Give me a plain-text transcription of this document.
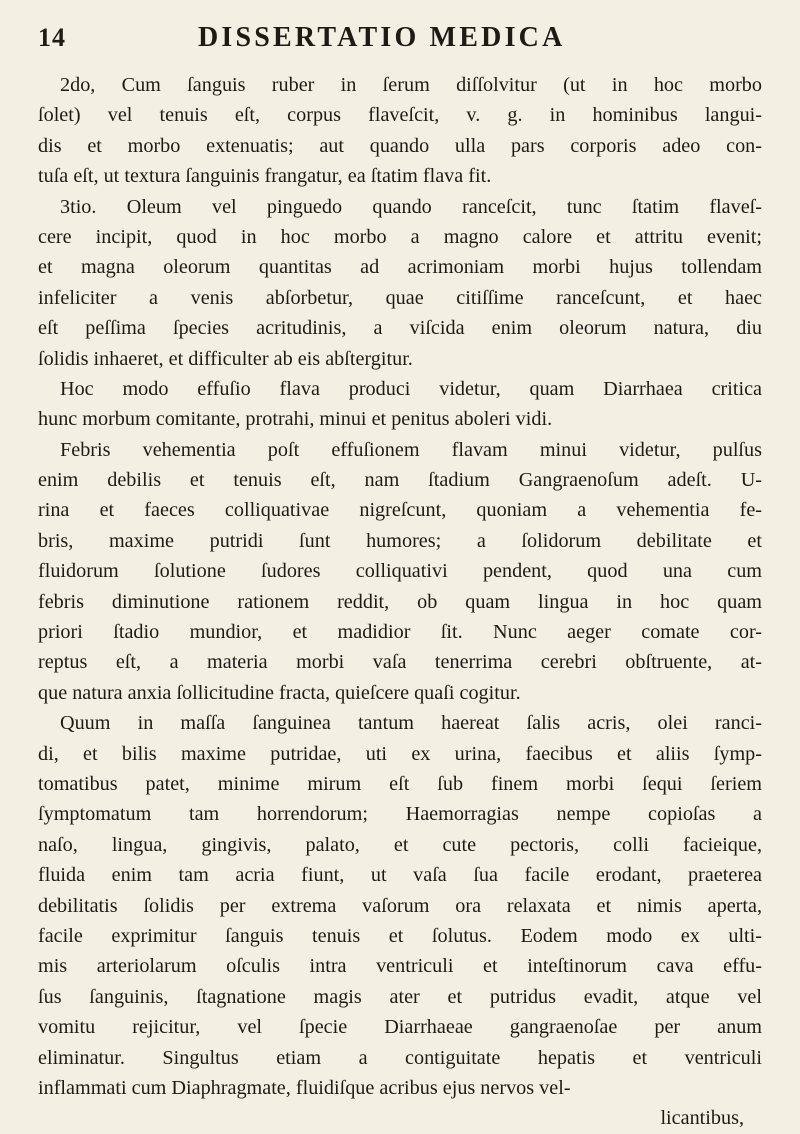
14	DISSERTATIO MEDICA
2do, Cum ſanguis ruber in ſerum diſſolvitur (ut in hoc morbo
ſolet) vel tenuis eſt, corpus flaveſcit, v. g. in hominibus langui-
dis et morbo extenuatis; aut quando ulla pars corporis adeo con-
tuſa eſt, ut textura ſanguinis frangatur, ea ſtatim flava fit.
3tio. Oleum vel pinguedo quando ranceſcit, tunc ſtatim flaveſ-
cere incipit, quod in hoc morbo a magno calore et attritu evenit;
et magna oleorum quantitas ad acrimoniam morbi hujus tollendam
infeliciter a venis abſorbetur, quae citiſſime ranceſcunt, et haec
eſt peſſima ſpecies acritudinis, a viſcida enim oleorum natura, diu
ſolidis inhaeret, et difficulter ab eis abſtergitur.
Hoc modo effuſio flava produci videtur, quam Diarrhaea critica
hunc morbum comitante, protrahi, minui et penitus aboleri vidi.
Febris vehementia poſt effuſionem flavam minui videtur, pulſus
enim debilis et tenuis eſt, nam ſtadium Gangraenoſum adeſt. U-
rina et faeces colliquativae nigreſcunt, quoniam a vehementia fe-
bris, maxime putridi ſunt humores; a ſolidorum debilitate et
fluidorum ſolutione ſudores colliquativi pendent, quod una cum
febris diminutione rationem reddit, ob quam lingua in hoc quam
priori ſtadio mundior, et madidior ſit. Nunc aeger comate cor-
reptus eſt, a materia morbi vaſa tenerrima cerebri obſtruente, at-
que natura anxia ſollicitudine fracta, quieſcere quaſi cogitur.
Quum in maſſa ſanguinea tantum haereat ſalis acris, olei ranci-
di, et bilis maxime putridae, uti ex urina, faecibus et aliis ſymp-
tomatibus patet, minime mirum eſt ſub finem morbi ſequi ſeriem
ſymptomatum tam horrendorum; Haemorragias nempe copioſas a
naſo, lingua, gingivis, palato, et cute pectoris, colli facieique,
fluida enim tam acria fiunt, ut vaſa ſua facile erodant, praeterea
debilitatis ſolidis per extrema vaſorum ora relaxata et nimis aperta,
facile exprimitur ſanguis tenuis et ſolutus. Eodem modo ex ulti-
mis arteriolarum oſculis intra ventriculi et inteſtinorum cava effu-
ſus ſanguinis, ſtagnatione magis ater et putridus evadit, atque vel
vomitu rejicitur, vel ſpecie Diarrhaeae gangraenoſae per anum
eliminatur. Singultus etiam a contiguitate hepatis et ventriculi
inflammati cum Diaphragmate, fluidiſque acribus ejus nervos vel-
licantibus,
